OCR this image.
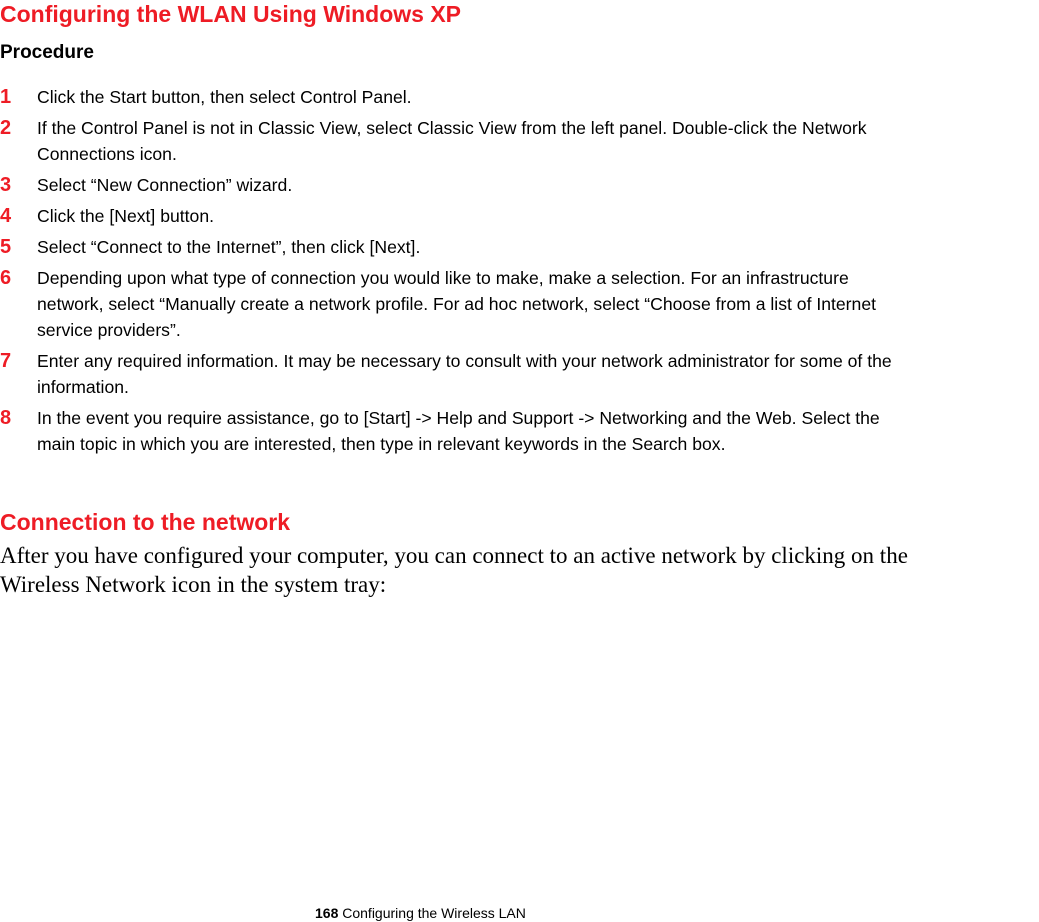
Configuring the WLAN Using Windows XP
Procedure
1 Click the Start button, then select Control Panel.
2 If the Control Panel is not in Classic View, select Classic View from the left panel. Double-click the Network
Connections icon.
3 Select “New Connection” wizard.
4 Click the [Next] button.
5 Select “Connect to the Internet”, then click [Next].
6 Depending upon what type of connection you would like to make, make a selection. For an infrastructure
network, select “Manually create a network profile. For ad hoc network, select “Choose from a list of Internet
service providers”.
7 Enter any required information. It may be necessary to consult with your network administrator for some of the
information.
8 In the event you require assistance, go to [Start] -> Help and Support -> Networking and the Web. Select the
main topic in which you are interested, then type in relevant keywords in the Search box.
Connection to the network

After you have configured your computer, you can connect to an active network by clicking on the
Wireless Network icon in the system tray:

168 Configuring the Wireless LAN
